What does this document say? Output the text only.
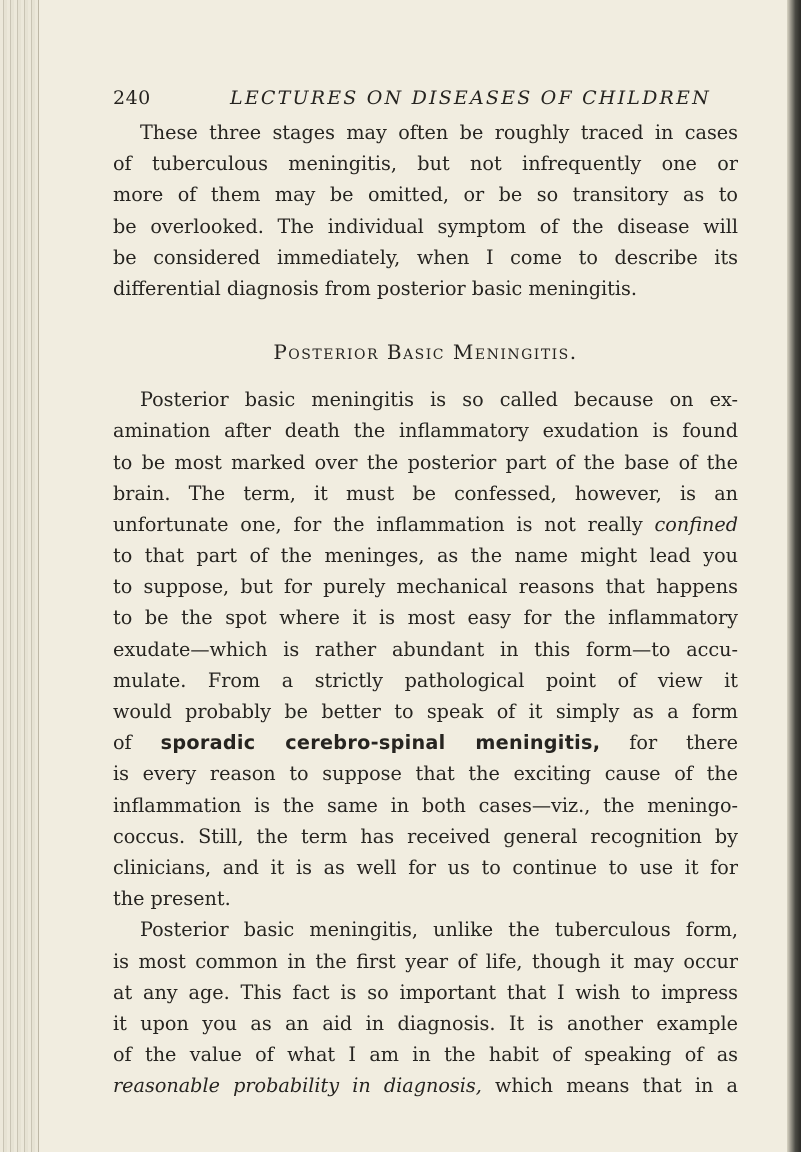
240	LECTURES ON DISEASES OF CHILDREN
These three stages may often be roughly traced in cases
of tuberculous meningitis, but not infrequently one or
more of them may be omitted, or be so transitory as to
be overlooked. The individual symptom of the disease will
be considered immediately, when I come to describe its
differential diagnosis from posterior basic meningitis.
Posterior Basic Meningitis.
Posterior basic meningitis is so called because on ex-
amination after death the inflammatory exudation is found
to be most marked over the posterior part of the base of the
brain. The term, it must be confessed, however, is an
unfortunate one, for the inflammation is not really confined
to that part of the meninges, as the name might lead you
to suppose, but for purely mechanical reasons that happens
to be the spot where it is most easy for the inflammatory
exudate—which is rather abundant in this form—to accu-
mulate. From a strictly pathological point of view it
would probably be better to speak of it simply as a form
of sporadic cerebro-spinal meningitis, for there
is every reason to suppose that the exciting cause of the
inflammation is the same in both cases—viz., the meningo-
coccus. Still, the term has received general recognition by
clinicians, and it is as well for us to continue to use it for
the present.
Posterior basic meningitis, unlike the tuberculous form,
is most common in the first year of life, though it may occur
at any age. This fact is so important that I wish to impress
it upon you as an aid in diagnosis. It is another example
of the value of what I am in the habit of speaking of as
reasonable probability in diagnosis, which means that in a
